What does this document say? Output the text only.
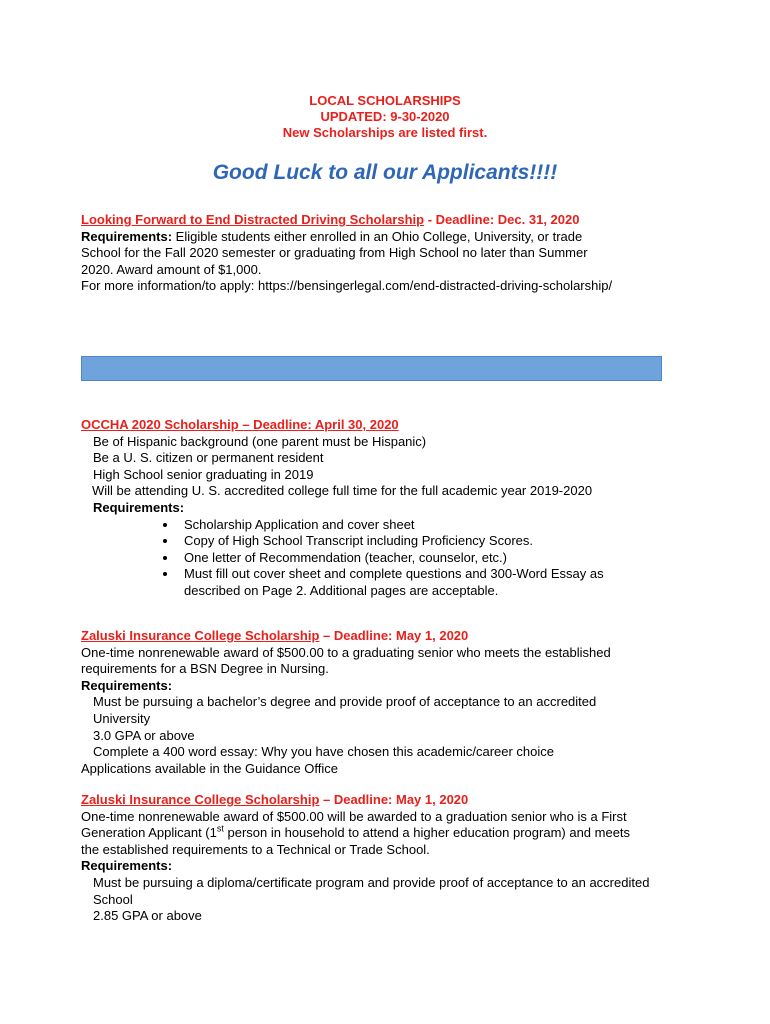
LOCAL SCHOLARSHIPS
UPDATED: 9-30-2020
New Scholarships are listed first.
Good Luck to all our Applicants!!!!
Looking Forward to End Distracted Driving Scholarship - Deadline: Dec. 31, 2020
Requirements: Eligible students either enrolled in an Ohio College, University, or trade
School for the Fall 2020 semester or graduating from High School no later than Summer
2020. Award amount of $1,000.
For more information/to apply: https://bensingerlegal.com/end-distracted-driving-scholarship/
OCCHA 2020 Scholarship – Deadline: April 30, 2020
Be of Hispanic background (one parent must be Hispanic)
Be a U. S. citizen or permanent resident
High School senior graduating in 2019
Will be attending U. S. accredited college full time for the full academic year 2019-2020
Requirements:
• Scholarship Application and cover sheet
• Copy of High School Transcript including Proficiency Scores.
• One letter of Recommendation (teacher, counselor, etc.)
• Must fill out cover sheet and complete questions and 300-Word Essay as described on Page 2. Additional pages are acceptable.
Zaluski Insurance College Scholarship – Deadline: May 1, 2020
One-time nonrenewable award of $500.00 to a graduating senior who meets the established
requirements for a BSN Degree in Nursing.
Requirements:
Must be pursuing a bachelor’s degree and provide proof of acceptance to an accredited
University
3.0 GPA or above
Complete a 400 word essay: Why you have chosen this academic/career choice
Applications available in the Guidance Office
Zaluski Insurance College Scholarship – Deadline: May 1, 2020
One-time nonrenewable award of $500.00 will be awarded to a graduation senior who is a First
Generation Applicant (1st person in household to attend a higher education program) and meets
the established requirements to a Technical or Trade School.
Requirements:
Must be pursuing a diploma/certificate program and provide proof of acceptance to an accredited
School
2.85 GPA or above
